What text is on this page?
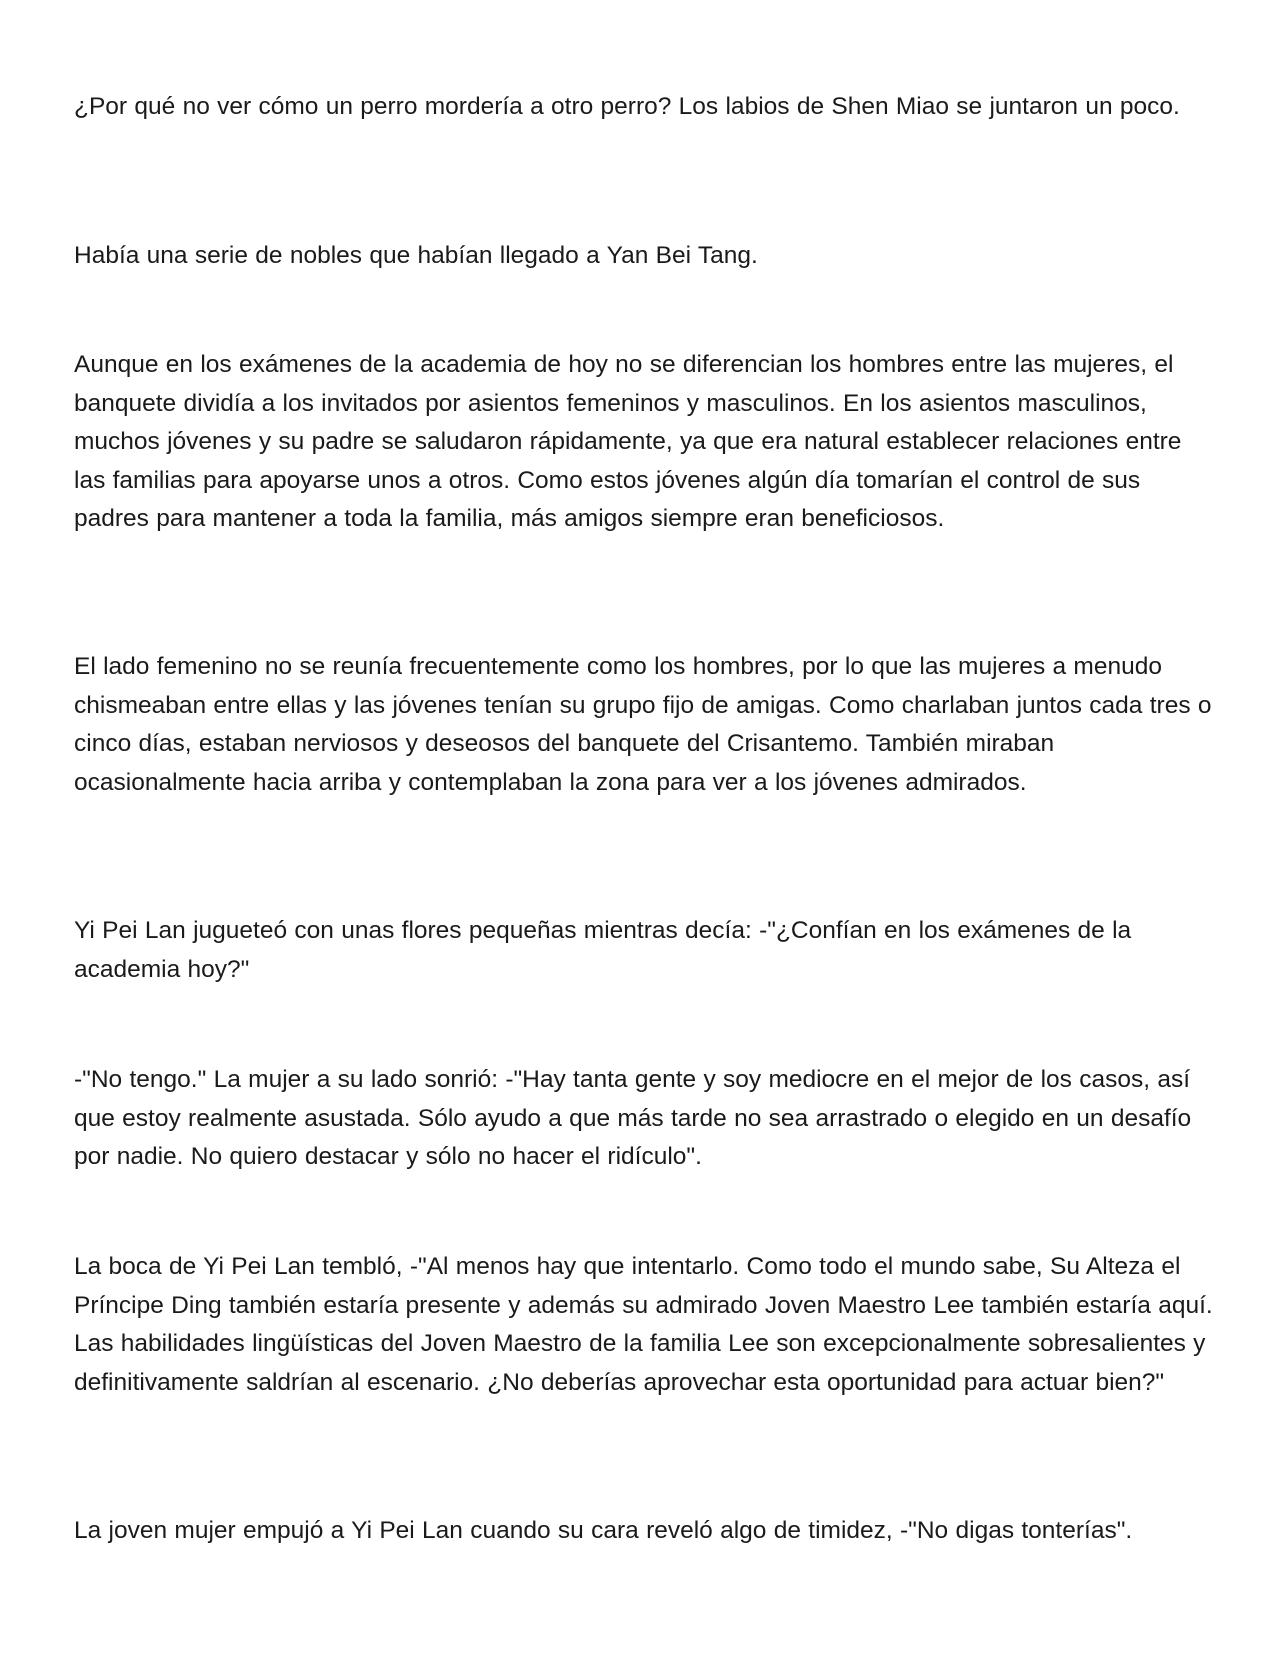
¿Por qué no ver cómo un perro mordería a otro perro? Los labios de Shen Miao se juntaron un poco.

Había una serie de nobles que habían llegado a Yan Bei Tang.

Aunque en los exámenes de la academia de hoy no se diferencian los hombres entre las mujeres, el banquete dividía a los invitados por asientos femeninos y masculinos. En los asientos masculinos, muchos jóvenes y su padre se saludaron rápidamente, ya que era natural establecer relaciones entre las familias para apoyarse unos a otros. Como estos jóvenes algún día tomarían el control de sus padres para mantener a toda la familia, más amigos siempre eran beneficiosos.

El lado femenino no se reunía frecuentemente como los hombres, por lo que las mujeres a menudo chismeaban entre ellas y las jóvenes tenían su grupo fijo de amigas. Como charlaban juntos cada tres o cinco días, estaban nerviosos y deseosos del banquete del Crisantemo. También miraban ocasionalmente hacia arriba y contemplaban la zona para ver a los jóvenes admirados.

Yi Pei Lan jugueteó con unas flores pequeñas mientras decía: -"¿Confían en los exámenes de la academia hoy?"

-"No tengo." La mujer a su lado sonrió: -"Hay tanta gente y soy mediocre en el mejor de los casos, así que estoy realmente asustada. Sólo ayudo a que más tarde no sea arrastrado o elegido en un desafío por nadie. No quiero destacar y sólo no hacer el ridículo".

La boca de Yi Pei Lan tembló, -"Al menos hay que intentarlo. Como todo el mundo sabe, Su Alteza el Príncipe Ding también estaría presente y además su admirado Joven Maestro Lee también estaría aquí. Las habilidades lingüísticas del Joven Maestro de la familia Lee son excepcionalmente sobresalientes y definitivamente saldrían al escenario. ¿No deberías aprovechar esta oportunidad para actuar bien?"

La joven mujer empujó a Yi Pei Lan cuando su cara reveló algo de timidez, -"No digas tonterías".
